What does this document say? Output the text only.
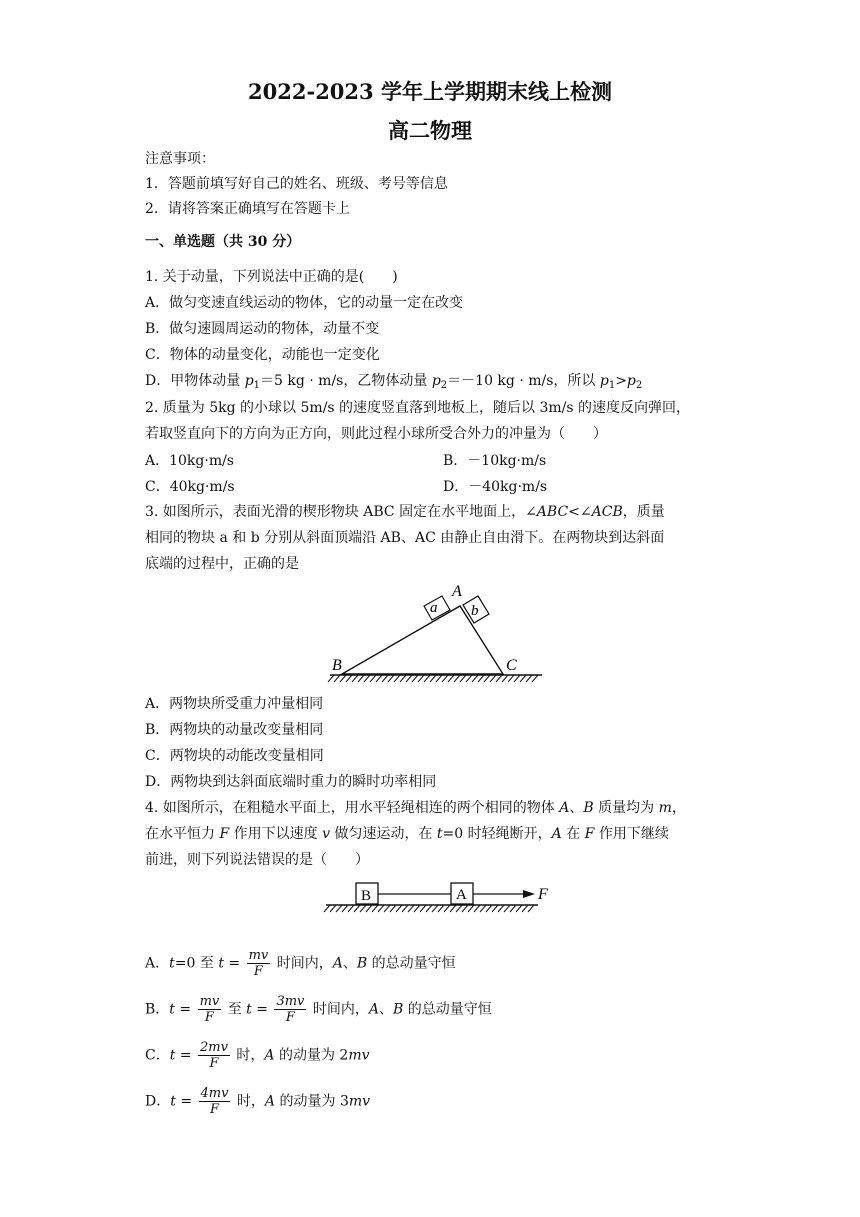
2022-2023 学年上学期期末线上检测
高二物理
注意事项：
1．答题前填写好自己的姓名、班级、考号等信息
2．请将答案正确填写在答题卡上
一、单选题（共 30 分）
1. 关于动量，下列说法中正确的是(　　)
A．做匀变速直线运动的物体，它的动量一定在改变
B．做匀速圆周运动的物体，动量不变
C．物体的动量变化，动能也一定变化
D．甲物体动量 $p_1=5$ kg · m/s，乙物体动量 $p_2=-10$ kg · m/s，所以 $p_1>p_2$
2. 质量为 5kg 的小球以 5m/s 的速度竖直落到地板上，随后以 3m/s 的速度反向弹回，
若取竖直向下的方向为正方向，则此过程小球所受合外力的冲量为（　　）
A．10kg·m/s	B．－10kg·m/s
C．40kg·m/s	D．－40kg·m/s
3. 如图所示，表面光滑的楔形物块 ABC 固定在水平地面上，∠ABC<∠ACB，质量
相同的物块 a 和 b 分别从斜面顶端沿 AB、AC 由静止自由滑下。在两物块到达斜面
底端的过程中，正确的是
a b
A
B	C
A．两物块所受重力冲量相同
B．两物块的动量改变量相同
C．两物块的动能改变量相同
D．两物块到达斜面底端时重力的瞬时功率相同
4. 如图所示，在粗糙水平面上，用水平轻绳相连的两个相同的物体 A、B 质量均为 m，
在水平恒力 F 作用下以速度 v 做匀速运动，在 t=0 时轻绳断开，A 在 F 作用下继续
前进，则下列说法错误的是（　　）
B	A	F
A．t=0 至 $t = \frac{mv}{F}$ 时间内，A、B 的总动量守恒
B．$t = \frac{mv}{F}$ 至 $t = \frac{3mv}{F}$ 时间内，A、B 的总动量守恒
C．$t = \frac{2mv}{F}$ 时，A 的动量为 2mv
D．$t = \frac{4mv}{F}$ 时，A 的动量为 3mv
